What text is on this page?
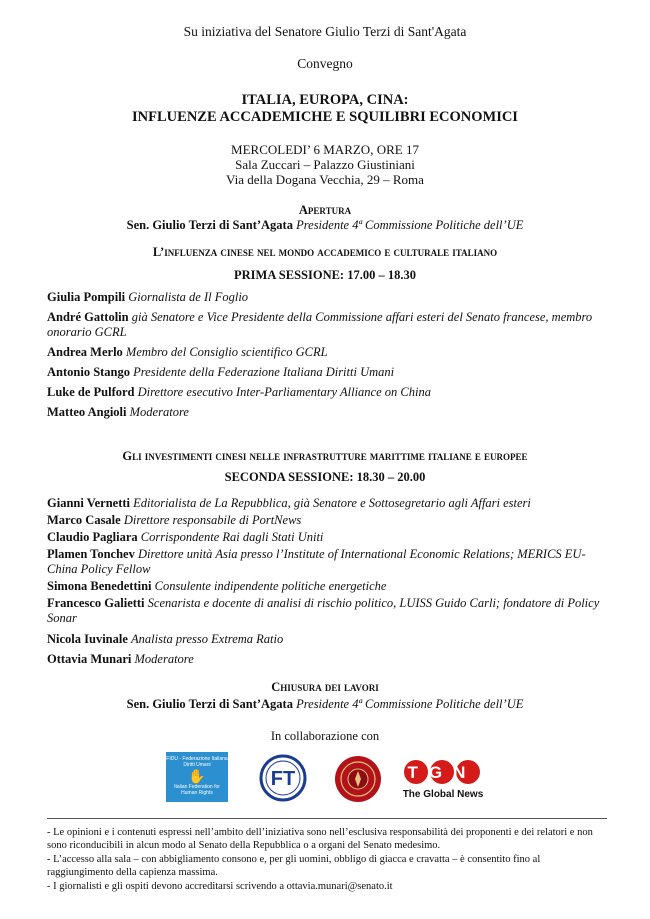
Su iniziativa del Senatore Giulio Terzi di Sant'Agata
Convegno
ITALIA, EUROPA, CINA:
INFLUENZE ACCADEMICHE E SQUILIBRI ECONOMICI
MERCOLEDI’ 6 MARZO, ORE 17
Sala Zuccari – Palazzo Giustiniani
Via della Dogana Vecchia, 29 – Roma
Apertura
Sen. Giulio Terzi di Sant’Agata Presidente 4ª Commissione Politiche dell’UE
L’influenza cinese nel mondo accademico e culturale italiano
PRIMA SESSIONE: 17.00 – 18.30

Giulia Pompili Giornalista de Il Foglio

André Gattolin già Senatore e Vice Presidente della Commissione affari esteri del Senato francese, membro onorario GCRL

Andrea Merlo Membro del Consiglio scientifico GCRL

Antonio Stango Presidente della Federazione Italiana Diritti Umani

Luke de Pulford Direttore esecutivo Inter-Parliamentary Alliance on China

Matteo Angioli Moderatore

Gli investimenti cinesi nelle infrastrutture marittime italiane e europee
SECONDA SESSIONE: 18.30 – 20.00

Gianni Vernetti Editorialista de La Repubblica, già Senatore e Sottosegretario agli Affari esteri

Marco Casale Direttore responsabile di PortNews

Claudio Pagliara Corrispondente Rai dagli Stati Uniti

Plamen Tonchev Direttore unità Asia presso l’Institute of International Economic Relations; MERICS EU-China Policy Fellow

Simona Benedettini Consulente indipendente politiche energetiche

Francesco Galietti Scenarista e docente di analisi di rischio politico, LUISS Guido Carli; fondatore di Policy Sonar

Nicola Iuvinale Analista presso Extrema Ratio

Ottavia Munari Moderatore

Chiusura dei lavori
Sen. Giulio Terzi di Sant’Agata Presidente 4ª Commissione Politiche dell’UE
In collaborazione con
FIDU - Federazione Italiana
Diritti Umani
✋
Italian Federation for Human Rights
FT	TGN
The Global News

- Le opinioni e i contenuti espressi nell’ambito dell’iniziativa sono nell’esclusiva responsabilità dei proponenti e dei relatori e non sono riconducibili in alcun modo al Senato della Repubblica o a organi del Senato medesimo.

- L’accesso alla sala – con abbigliamento consono e, per gli uomini, obbligo di giacca e cravatta – è consentito fino al raggiungimento della capienza massima.

- I giornalisti e gli ospiti devono accreditarsi scrivendo a ottavia.munari@senato.it
